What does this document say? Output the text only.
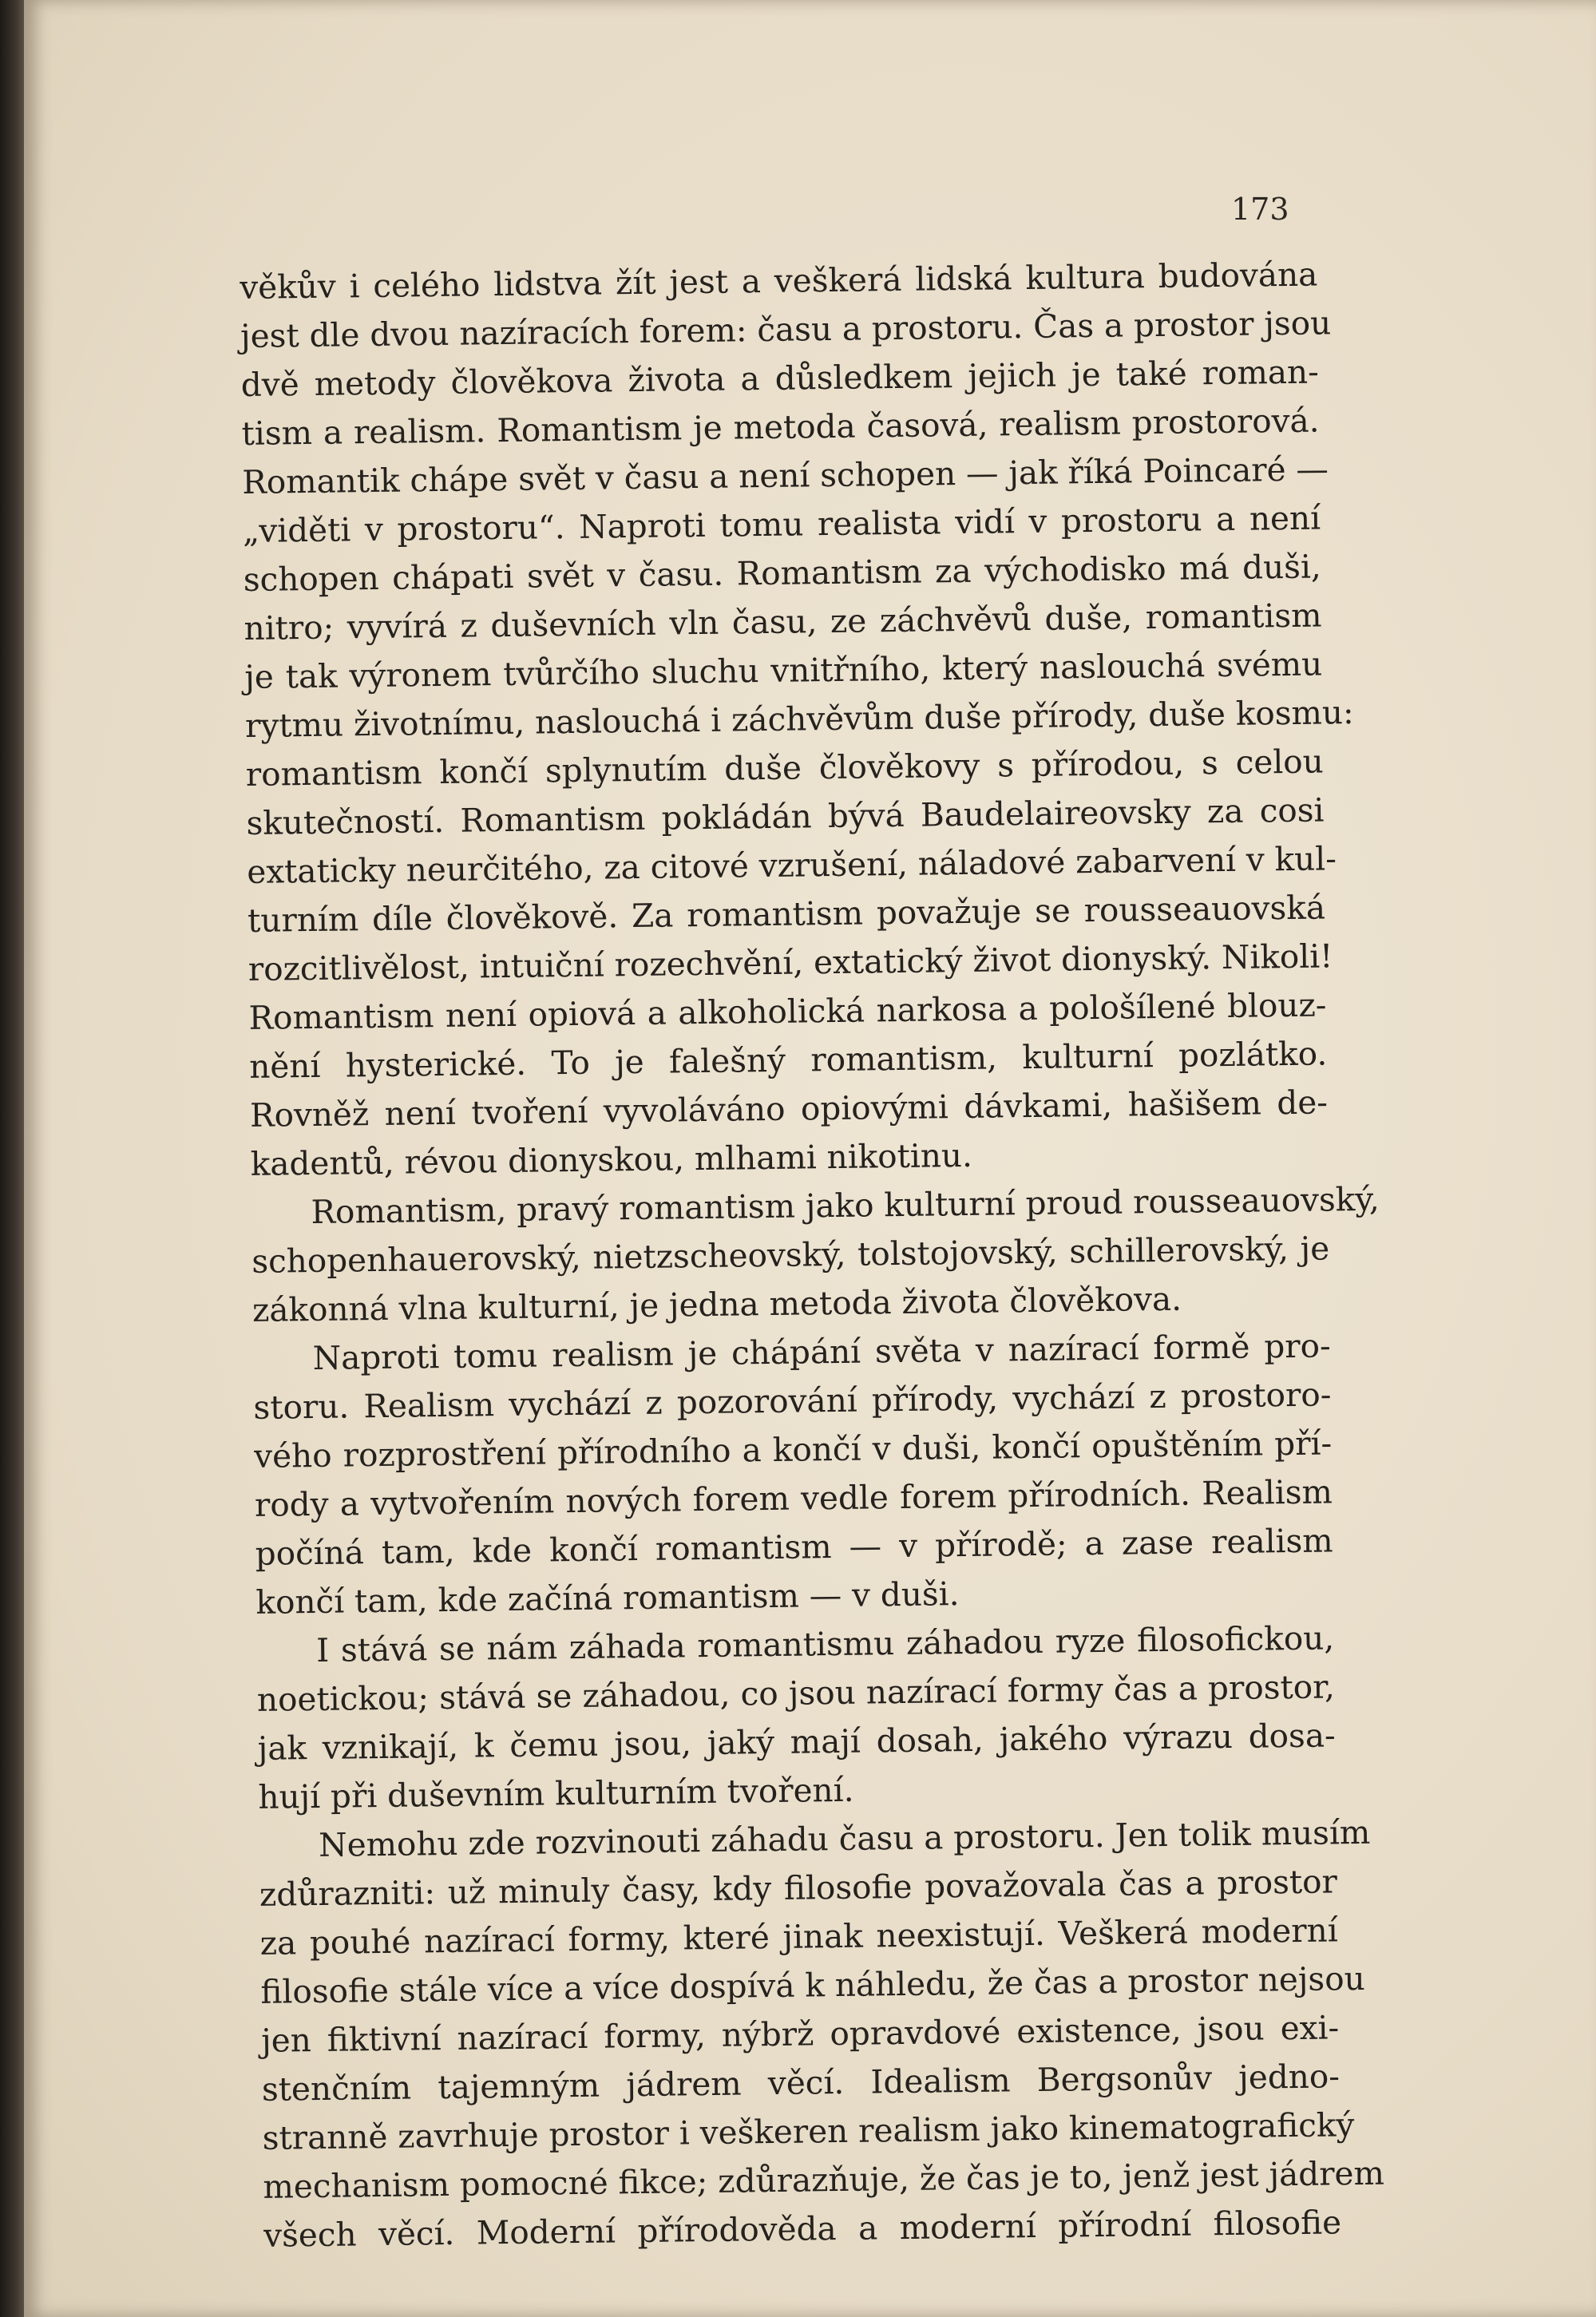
173
věkův i celého lidstva žít jest a veškerá lidská kultura budována
jest dle dvou nazíracích forem: času a prostoru. Čas a prostor jsou
dvě metody člověkova života a důsledkem jejich je také roman-
tism a realism. Romantism je metoda časová, realism prostorová.
Romantik chápe svět v času a není schopen — jak říká Poincaré —
„viděti v prostoru“. Naproti tomu realista vidí v prostoru a není
schopen chápati svět v času. Romantism za východisko má duši,
nitro; vyvírá z duševních vln času, ze záchvěvů duše, romantism
je tak výronem tvůrčího sluchu vnitřního, který naslouchá svému
rytmu životnímu, naslouchá i záchvěvům duše přírody, duše kosmu:
romantism končí splynutím duše člověkovy s přírodou, s celou
skutečností. Romantism pokládán bývá Baudelaireovsky za cosi
extaticky neurčitého, za citové vzrušení, náladové zabarvení v kul-
turním díle člověkově. Za romantism považuje se rousseauovská
rozcitlivělost, intuiční rozechvění, extatický život dionyský. Nikoli!
Romantism není opiová a alkoholická narkosa a pološílené blouz-
nění hysterické. To je falešný romantism, kulturní pozlátko.
Rovněž není tvoření vyvoláváno opiovými dávkami, hašišem de-
kadentů, révou dionyskou, mlhami nikotinu.
Romantism, pravý romantism jako kulturní proud rousseauovský,
schopenhauerovský, nietzscheovský, tolstojovský, schillerovský, je
zákonná vlna kulturní, je jedna metoda života člověkova.
Naproti tomu realism je chápání světa v nazírací formě pro-
storu. Realism vychází z pozorování přírody, vychází z prostoro-
vého rozprostření přírodního a končí v duši, končí opuštěním pří-
rody a vytvořením nových forem vedle forem přírodních. Realism
počíná tam, kde končí romantism — v přírodě; a zase realism
končí tam, kde začíná romantism — v duši.
I stává se nám záhada romantismu záhadou ryze filosofickou,
noetickou; stává se záhadou, co jsou nazírací formy čas a prostor,
jak vznikají, k čemu jsou, jaký mají dosah, jakého výrazu dosa-
hují při duševním kulturním tvoření.
Nemohu zde rozvinouti záhadu času a prostoru. Jen tolik musím
zdůrazniti: už minuly časy, kdy filosofie považovala čas a prostor
za pouhé nazírací formy, které jinak neexistují. Veškerá moderní
filosofie stále více a více dospívá k náhledu, že čas a prostor nejsou
jen fiktivní nazírací formy, nýbrž opravdové existence, jsou exi-
stenčním tajemným jádrem věcí. Idealism Bergsonův jedno-
stranně zavrhuje prostor i veškeren realism jako kinematografický
mechanism pomocné fikce; zdůrazňuje, že čas je to, jenž jest jádrem
všech věcí. Moderní přírodověda a moderní přírodní filosofie
